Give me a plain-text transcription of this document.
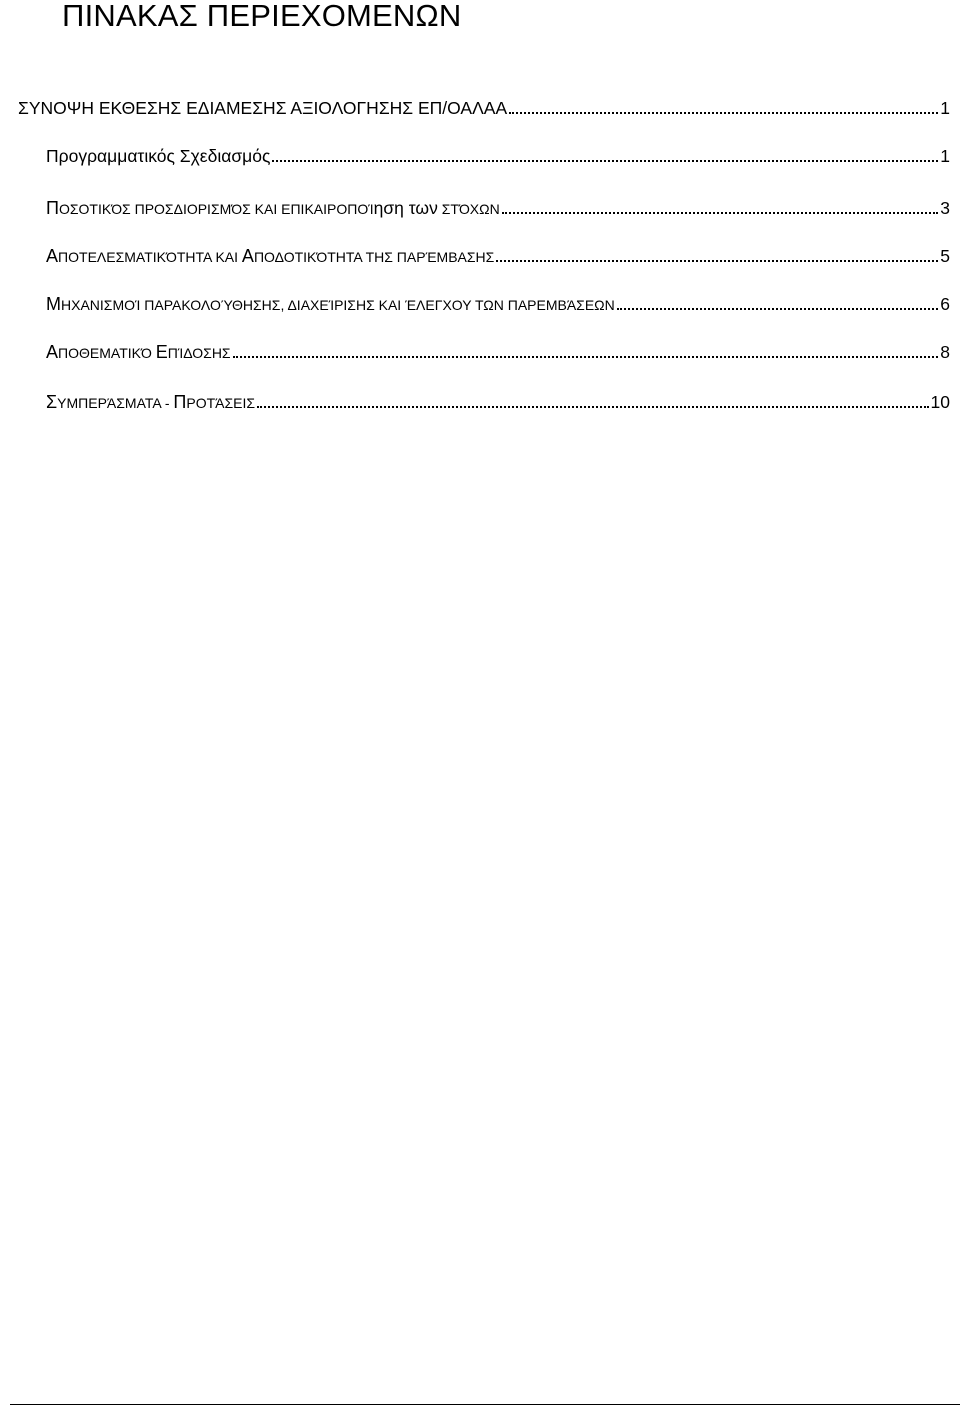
ΠΙΝΑΚΑΣ ΠΕΡΙΕΧΟΜΕΝΩΝ
ΣΥΝΟΨΗ ΕΚΘΕΣΗΣ ΕΔΙΑΜΕΣΗΣ ΑΞΙΟΛΟΓΗΣΗΣ ΕΠ/ΟΑΛΑΑ	1
Προγραμματικός Σχεδιασμός	1
ΠΟΣΟΤΙΚΌΣ ΠΡΟΣΔΙΟΡΙΣΜΌΣ ΚΑΙ ΕΠΙΚΑΙΡΟΠΟΊηση των ΣΤΌΧΩΝ	3
ΑΠΟΤΕΛΕΣΜΑΤΙΚΌΤΗΤΑ ΚΑΙ ΑΠΟΔΟΤΙΚΌΤΗΤΑ ΤΗΣ ΠΑΡΈΜΒΑΣΗΣ	5
ΜΗΧΑΝΙΣΜΟΊ ΠΑΡΑΚΟΛΟΎΘΗΣΗΣ, ΔΙΑΧΕΊΡΙΣΗΣ ΚΑΙ ΈΛΕΓΧΟΥ ΤΩΝ ΠΑΡΕΜΒΆΣΕΩΝ	6
ΑΠΟΘΕΜΑΤΙΚΌ ΕΠΊΔΟΣΗΣ	8
ΣΥΜΠΕΡΆΣΜΑΤΑ - ΠΡΟΤΆΣΕΙΣ	10
